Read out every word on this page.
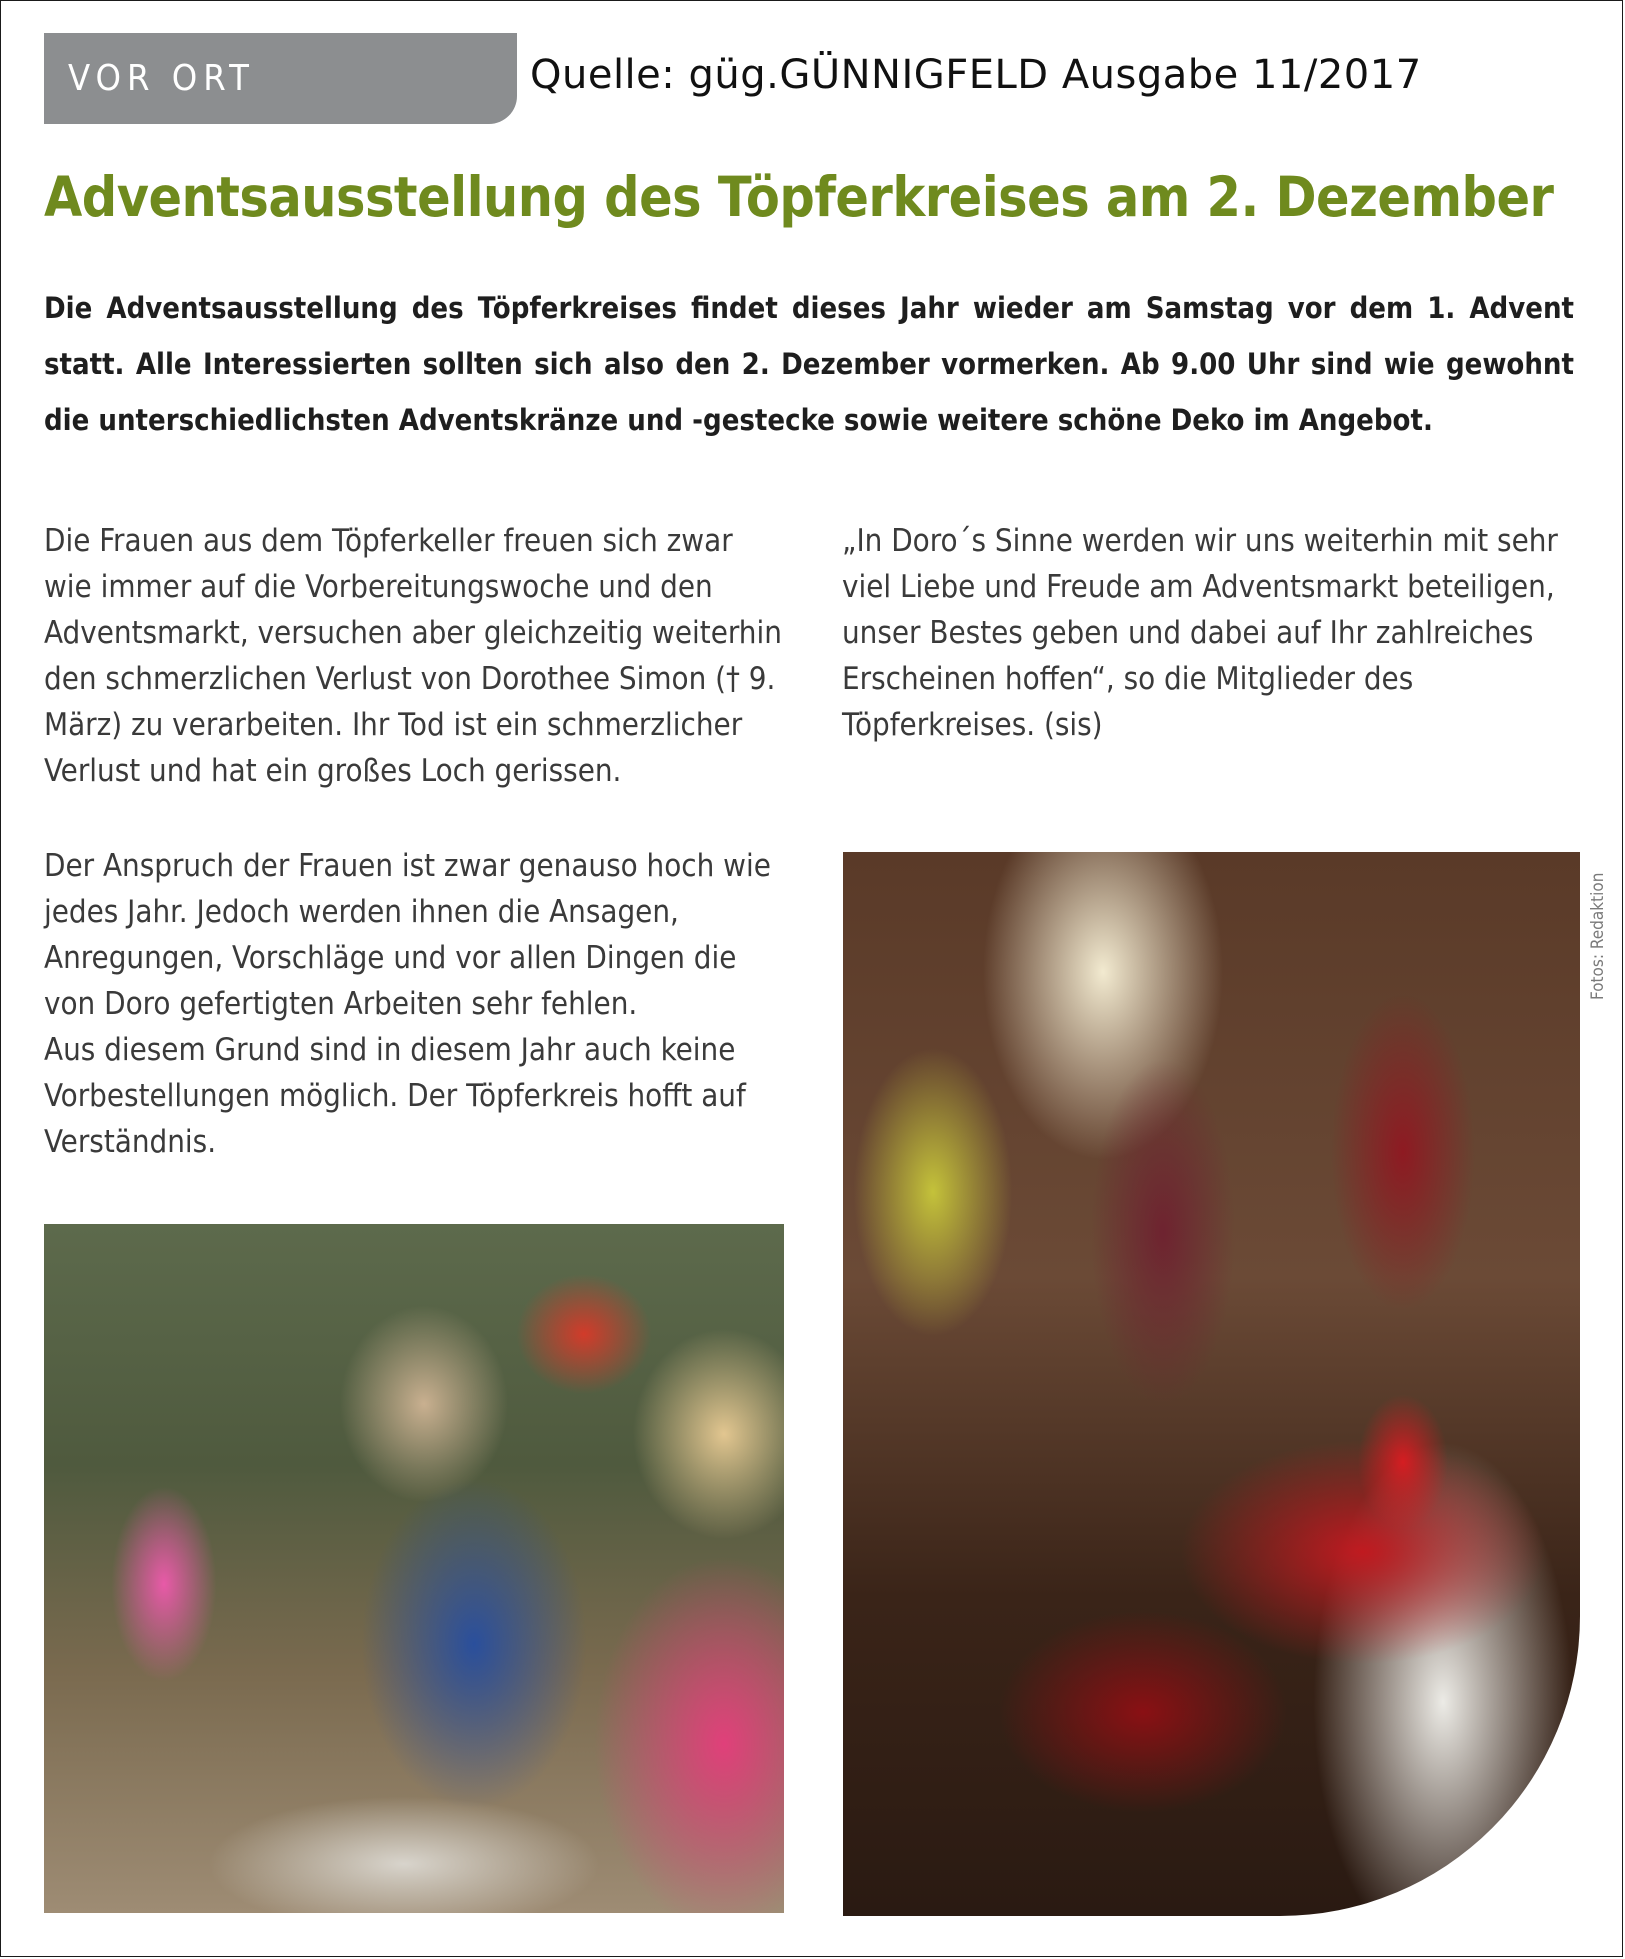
VOR ORT	Quelle: güg.GÜNNIGFELD Ausgabe 11/2017
Adventsausstellung des Töpferkreises am 2. Dezember

Die Adventsausstellung des Töpferkreises findet dieses Jahr wieder am Samstag vor dem 1. Advent statt. Alle Interessierten sollten sich also den 2. Dezember vormerken. Ab 9.00 Uhr sind wie gewohnt die unterschiedlichsten Adventskränze und -gestecke sowie weitere schöne Deko im Angebot.

Die Frauen aus dem Töpferkeller freuen sich zwar wie immer auf die Vorbereitungswoche und den Adventsmarkt, versuchen aber gleichzeitig weiterhin den schmerzlichen Verlust von Dorothee Simon († 9. März) zu verarbeiten. Ihr Tod ist ein schmerzlicher Verlust und hat ein großes Loch gerissen.

Der Anspruch der Frauen ist zwar genauso hoch wie jedes Jahr. Jedoch werden ihnen die Ansagen, Anregungen, Vorschläge und vor allen Dingen die von Doro gefertigten Arbeiten sehr fehlen.

Aus diesem Grund sind in diesem Jahr auch keine Vorbestellungen möglich. Der Töpferkreis hofft auf Verständnis.

„In Doro´s Sinne werden wir uns weiterhin mit sehr viel Liebe und Freude am Adventsmarkt beteiligen, unser Bestes geben und dabei auf Ihr zahlreiches Erscheinen hoffen“, so die Mitglieder des Töpferkreises. (sis)

Fotos: Redaktion
